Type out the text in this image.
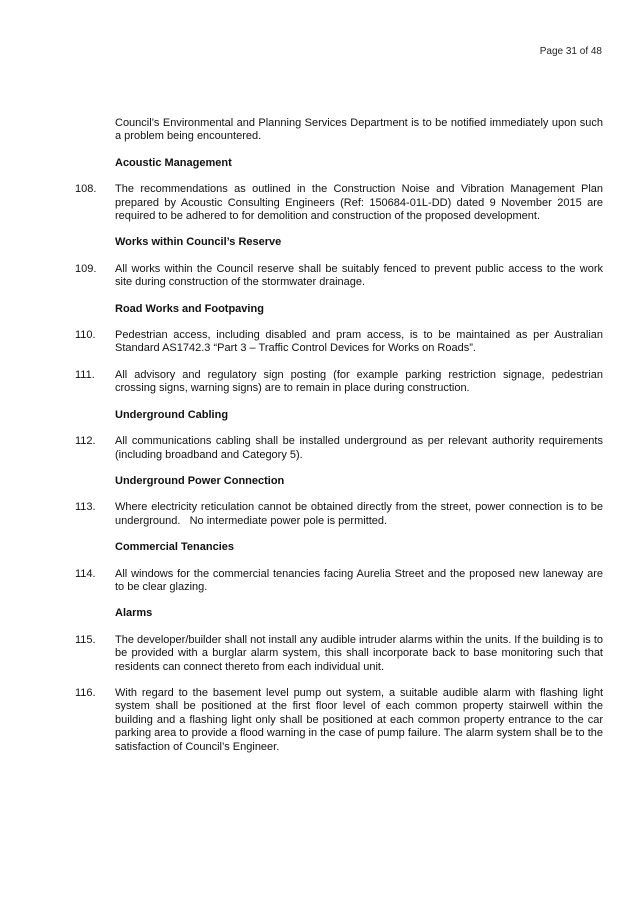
Page 31 of 48

Council’s Environmental and Planning Services Department is to be notified immediately upon such a problem being encountered.

Acoustic Management
108.	The recommendations as outlined in the Construction Noise and Vibration Management Plan prepared by Acoustic Consulting Engineers (Ref: 150684-01L-DD) dated 9 November 2015 are required to be adhered to for demolition and construction of the proposed development.

Works within Council’s Reserve
109.	All works within the Council reserve shall be suitably fenced to prevent public access to the work site during construction of the stormwater drainage.

Road Works and Footpaving
110.	Pedestrian access, including disabled and pram access, is to be maintained as per Australian Standard AS1742.3 “Part 3 – Traffic Control Devices for Works on Roads”.

111.	All advisory and regulatory sign posting (for example parking restriction signage, pedestrian crossing signs, warning signs) are to remain in place during construction.

Underground Cabling
112.	All communications cabling shall be installed underground as per relevant authority requirements (including broadband and Category 5).

Underground Power Connection
113.	Where electricity reticulation cannot be obtained directly from the street, power connection is to be underground.   No intermediate power pole is permitted.

Commercial Tenancies
114.	All windows for the commercial tenancies facing Aurelia Street and the proposed new laneway are to be clear glazing.

Alarms
115.	The developer/builder shall not install any audible intruder alarms within the units. If the building is to be provided with a burglar alarm system, this shall incorporate back to base monitoring such that residents can connect thereto from each individual unit.

116.	With regard to the basement level pump out system, a suitable audible alarm with flashing light system shall be positioned at the first floor level of each common property stairwell within the building and a flashing light only shall be positioned at each common property entrance to the car parking area to provide a flood warning in the case of pump failure. The alarm system shall be to the satisfaction of Council’s Engineer.
